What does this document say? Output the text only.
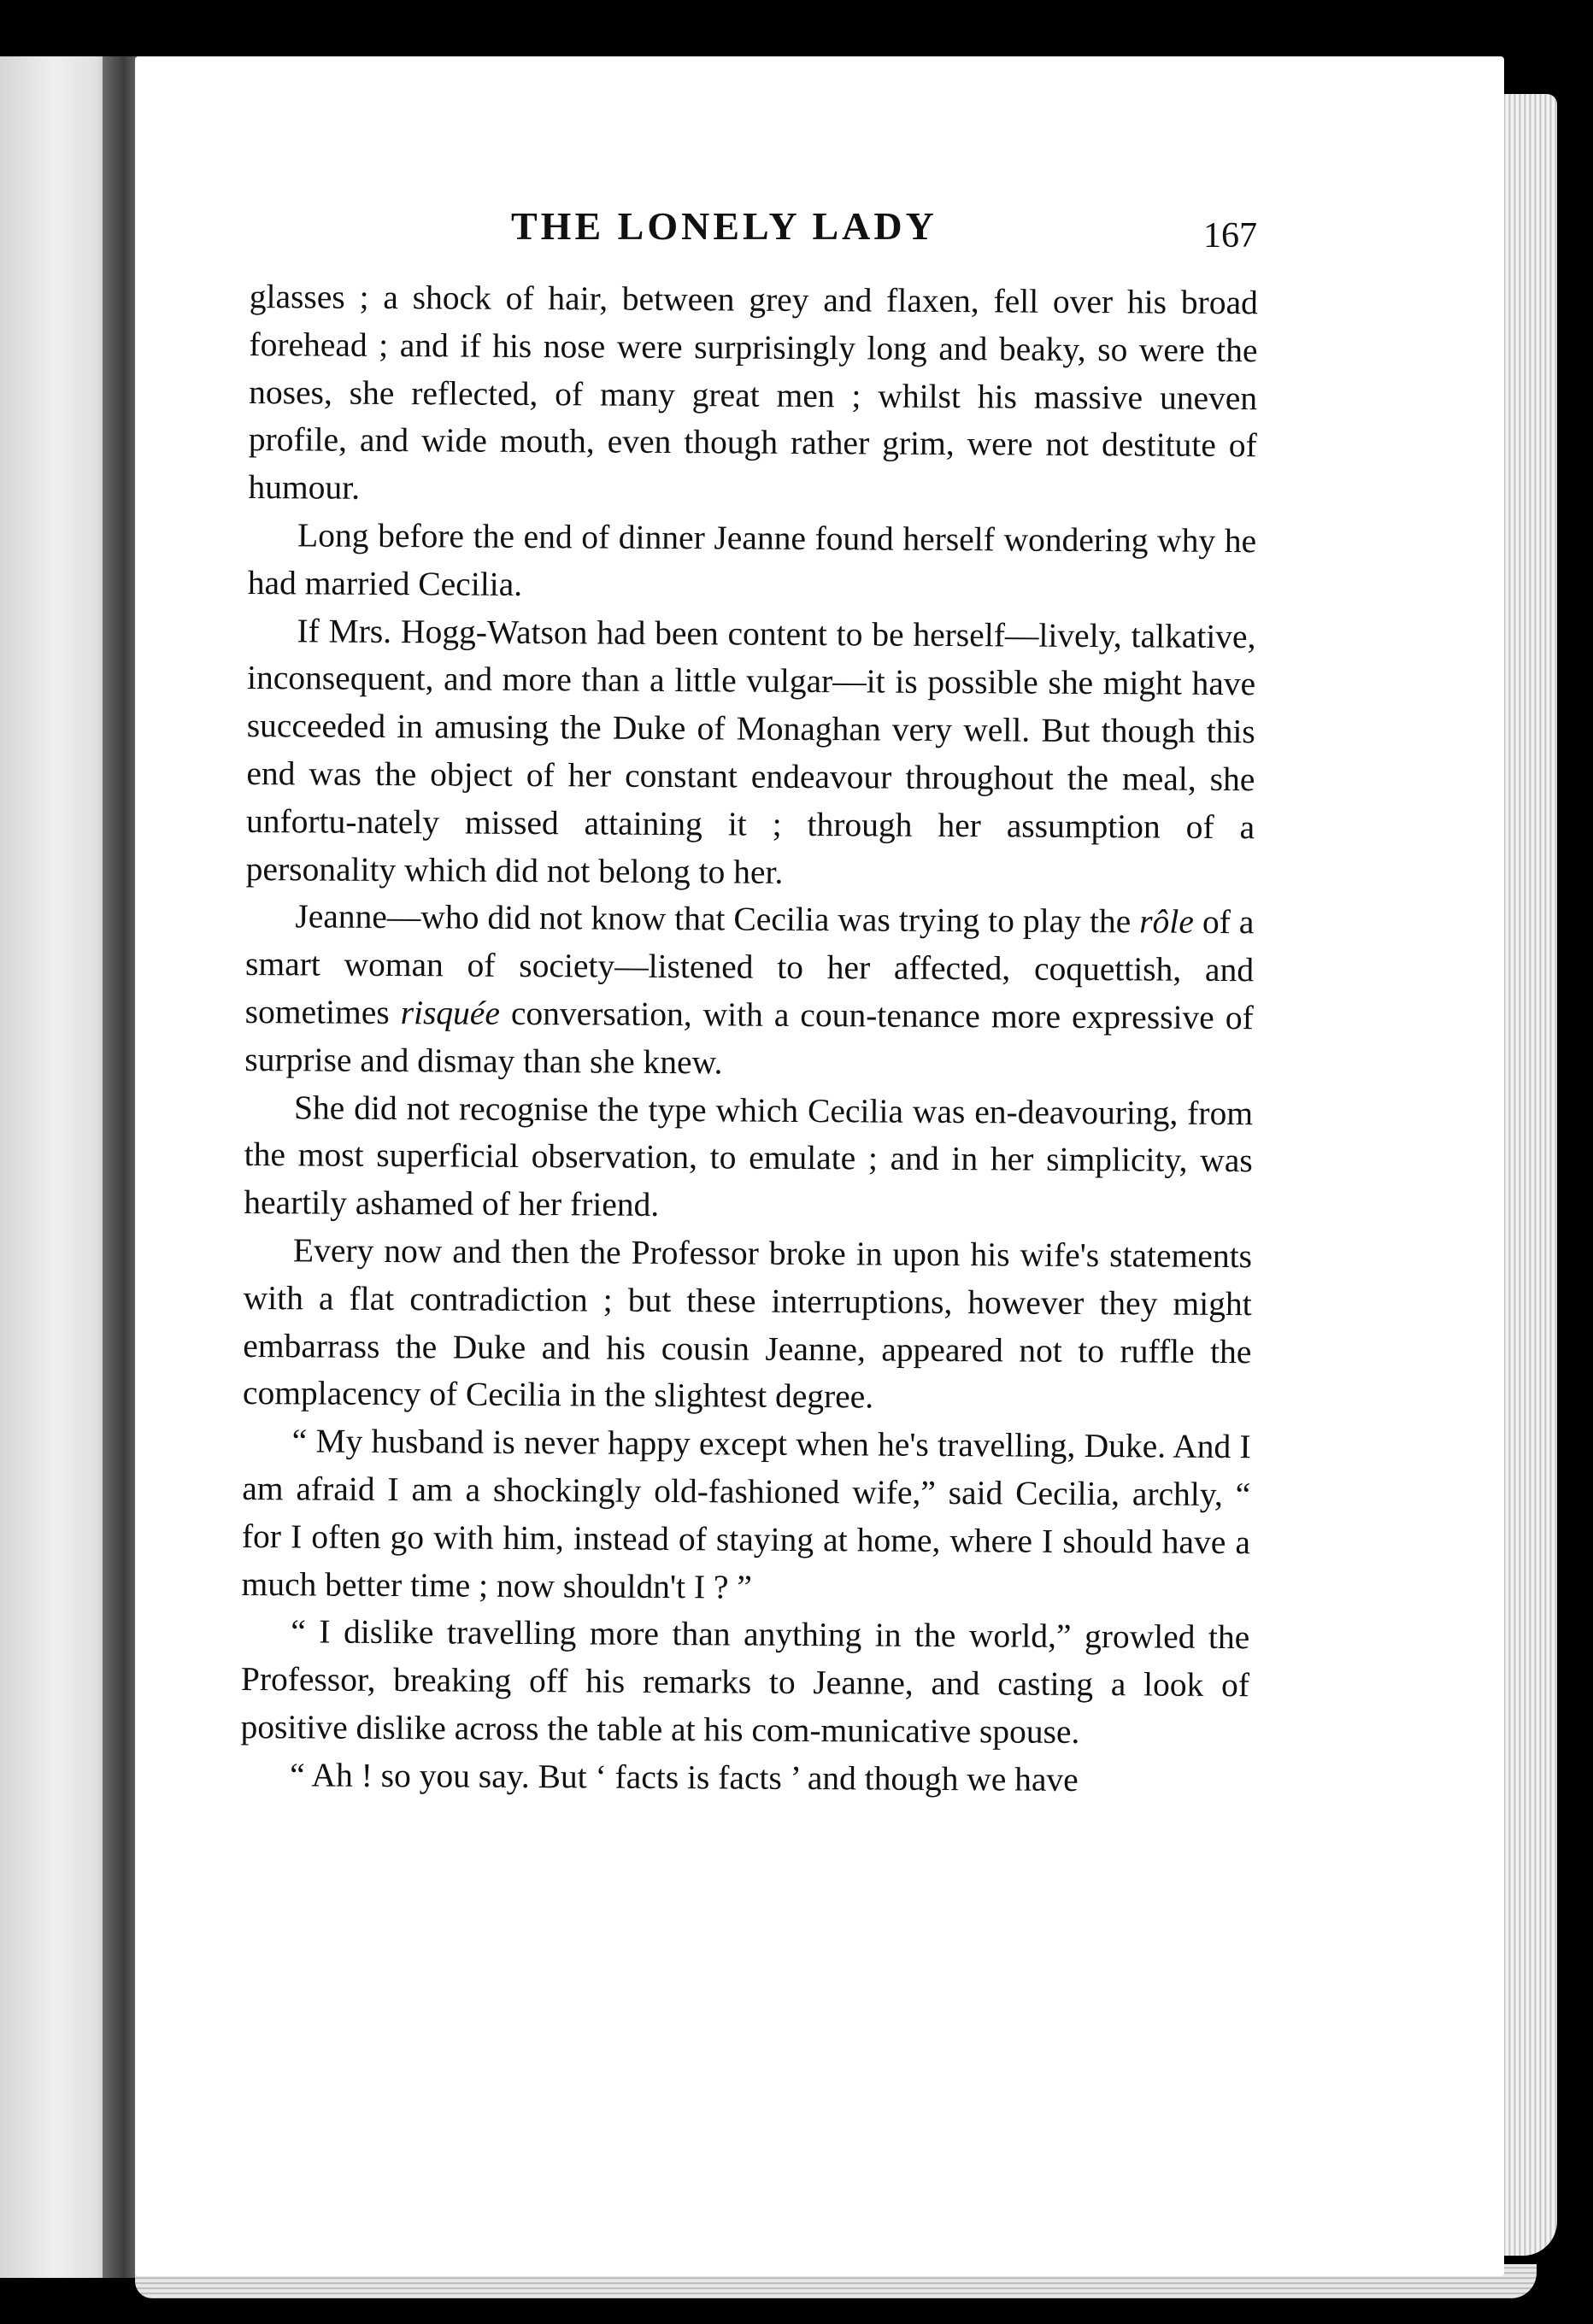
THE LONELY LADY	167

glasses ; a shock of hair, between grey and flaxen, fell over his broad forehead ; and if his nose were surprisingly long and beaky, so were the noses, she reflected, of many great men ; whilst his massive uneven profile, and wide mouth, even though rather grim, were not destitute of humour.

Long before the end of dinner Jeanne found herself wondering why he had married Cecilia.

If Mrs. Hogg-Watson had been content to be herself—lively, talkative, inconsequent, and more than a little vulgar—it is possible she might have succeeded in amusing the Duke of Monaghan very well. But though this end was the object of her constant endeavour throughout the meal, she unfortu-nately missed attaining it ; through her assumption of a personality which did not belong to her.

Jeanne—who did not know that Cecilia was trying to play the rôle of a smart woman of society—listened to her affected, coquettish, and sometimes risquée conversation, with a coun-tenance more expressive of surprise and dismay than she knew.

She did not recognise the type which Cecilia was en-deavouring, from the most superficial observation, to emulate ; and in her simplicity, was heartily ashamed of her friend.

Every now and then the Professor broke in upon his wife's statements with a flat contradiction ; but these interruptions, however they might embarrass the Duke and his cousin Jeanne, appeared not to ruffle the complacency of Cecilia in the slightest degree.

“ My husband is never happy except when he's travelling, Duke. And I am afraid I am a shockingly old-fashioned wife,” said Cecilia, archly, “ for I often go with him, instead of staying at home, where I should have a much better time ; now shouldn't I ? ”

“ I dislike travelling more than anything in the world,” growled the Professor, breaking off his remarks to Jeanne, and casting a look of positive dislike across the table at his com-municative spouse.

“ Ah ! so you say. But ‘ facts is facts ’ and though we have
